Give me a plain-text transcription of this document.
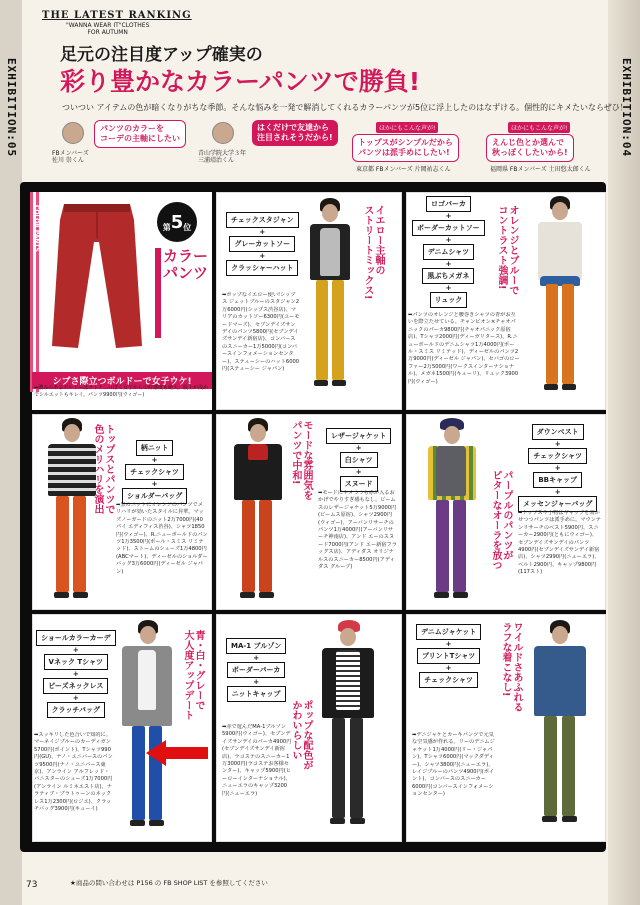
EXHIBITION:05	EXHIBITION:04
THE LATEST RANKING
"WANNA WEAR IT"CLOTHES
FOR AUTUMN
足元の注目度アップ確実の
彩り豊かなカラーパンツで勝負!
ついつい アイテムの色が暗くなりがちな季節。そんな悩みを一発で解消してくれるカラーパンツが5位に浮上したのはなずける。個性的にキメたいならぜひ！
FBメンバーズ
佐川 崇くん
パンツのカラーを
コーデの主軸にしたい
青山学院大学３年
三浦靖治くん
はくだけで友達から
注目されそうだから!
ほかにもこんな声が!
トップスがシンプルだから
パンツは派手めにしたい!
東京都 FBメンバーズ 片岡祐志くん
ほかにもこんな声が!
えんじ色とか選んで
秋っぽくしたいから!
福岡県 FBメンバーズ 土田悠太郎くん
COLOR PANTS	$_第5_位$
カラーパンツ
シブさ際立つボルドーで女子ウケ!
➡濃みのあるボルドーはオトナ...っぽく女子からの好感度も絶大。股上が浅めでシルエットもキレイ。パンツ9900円(ウィゴー)
チェックスタジャン
+
グレーカットソー
+
クラッシャーハット	イエロー主軸の
ストリートミックス!
➡ポップなイエロー使い!シップス ジェットブルーのスタジャン2万6000円(シップス渋谷店)、マリアのカットソー6300円(ユーモードマーズ)、セブンデイズサンデイのパンツ5800円(セブンデイズサンデイ新宿店)、コンバースのスニーカー1万5000円(コンバースインフォメーションセンター)、ステューシーのハット6000円(ステューシー ジャパン)
ロゴパーカ
+
ボーダーカットソー
+
デニムシャツ
+
黒ぶちメガネ
+
リュック
オレンジとブルーで
コントラスト強調!
➡パンツのオレンジと腰巻きシャツの青がお互いを際立たせている。チャンピオン×チャオパニックのパーカ9800円(チャオパニック原宿店)、Tシャツ2000円(ディーガリタース)、R.ニューボールドのデニムシャツ1万4000円(ポール・スミス リミテッド)、ディーゼルのパンツ2万9000円(ディーゼル ジャパン)、セバゴのローファー2万5000円(ワークスインターナショナル)、メガネ1500円(キューリ)、リュック3900円(ウィゴー)
柄ニット
+
チェックシャツ
+
ショルダーバッグ
トップスとパンツで
色のメリハリを演出	➡黒のニットにオレンジのパンツでメリハリが効いたスタイルに昇華。マッズノーガードのニット2万7000円(40 パイ エディフィス渋谷)、シャツ1850円(ウィゴー)、R.ニューボールドのパンツ1万3500円(ポール・スミス リミテッド)、ストームのシューズ1万4800円(ABCマート)、ディーゼルのショルダーバッグ3万6000円(ディーゼル ジャパン)
レザージャケット
+
白シャツ
+
スヌード
モードな雰囲気を
パンツで中和!
➡モードにキメつつも赤が入るおかげでやりすぎ感もなし。ビームスのレザージャケット5万9000円(ビームス原宿)、シャツ2900円(ウィゴー)、アーバンリサーチのパンツ1万4000円(アーバンリサーチ神南店)、アンド エーのスヌード7000円(アンド エー新宿フラッグス店)、アディダス オリジナルスのスニーカー8500円(アディダス グループ)
ダウンベスト
+
チェックシャツ
+
BBキャップ
+
メッセンジャーバッグ
パープルのパンツが
ピターなオーラを放つ	➡トップスや小物はギャップを効かせつつパンツは派手めに。マウンテンリサーチのベスト5900円、スニーカー2900円(ともにウィゴー)、セブンデイズサンデイのパンツ4900円(セブンデイズサンデイ新宿店)、シャツ2990円(ニューエラ)、ベルト2900円、キャップ9800円(117スト)
ショールカラーカーデ
+
Vネック Tシャツ
+
ビーズネックレス
+
クラッチバッグ	青・白・グレーで
大人度アップデート
➡スッキリした色合いで知的に。マーネイジブルーのカーディガン5700円(ポイント)、Tシャツ990円(GU)、ナノ・ユニバースのパンツ9500円(ナノ・ユニバース東京)、アンライン アルフレッド・バニスターのシューズ1万7000円(アンライン ルミネエスト店)、ナラティブ・ブラトゥーンのネックレス1万2300円(ロジエ)、クラッチバッグ3900円(キューイ)
MA-1 ブルゾン
+
ボーダーパーカ
+
ニットキャップ
ポップな配色が
かわいらしい
➡赤で遊んだMA-1ブルゾン5900円(ウィゴー)、セブンデイズサンデイのパーカ4900円(セブンデイズサンデイ新宿店)、ラコステのスニーカー1万3000円(ラコステお客様センター)、キャップ5900円(ヒーローインターナショナル)、ニューエラのキャップ3200円(ニューエラ)
デニムジャケット
+
プリントTシャツ
+
チェックシャツ	ワイルドさあふれる
ラフな着こなし!
➡デニジャケとカーキパンツで元気な空気感が作れる。リーのデニムジャケット1万4000円(リー・ジャパン)、Tシャツ6000円(マックダディー)、シャツ3800円(ニューエラ)、レイジブルーのパンツ4900円(ポイント)、コンバースのスニーカー6000円(コンバースインフォメーションセンター)
73	★商品の問い合わせは P156 の FB SHOP LIST を参照してください
